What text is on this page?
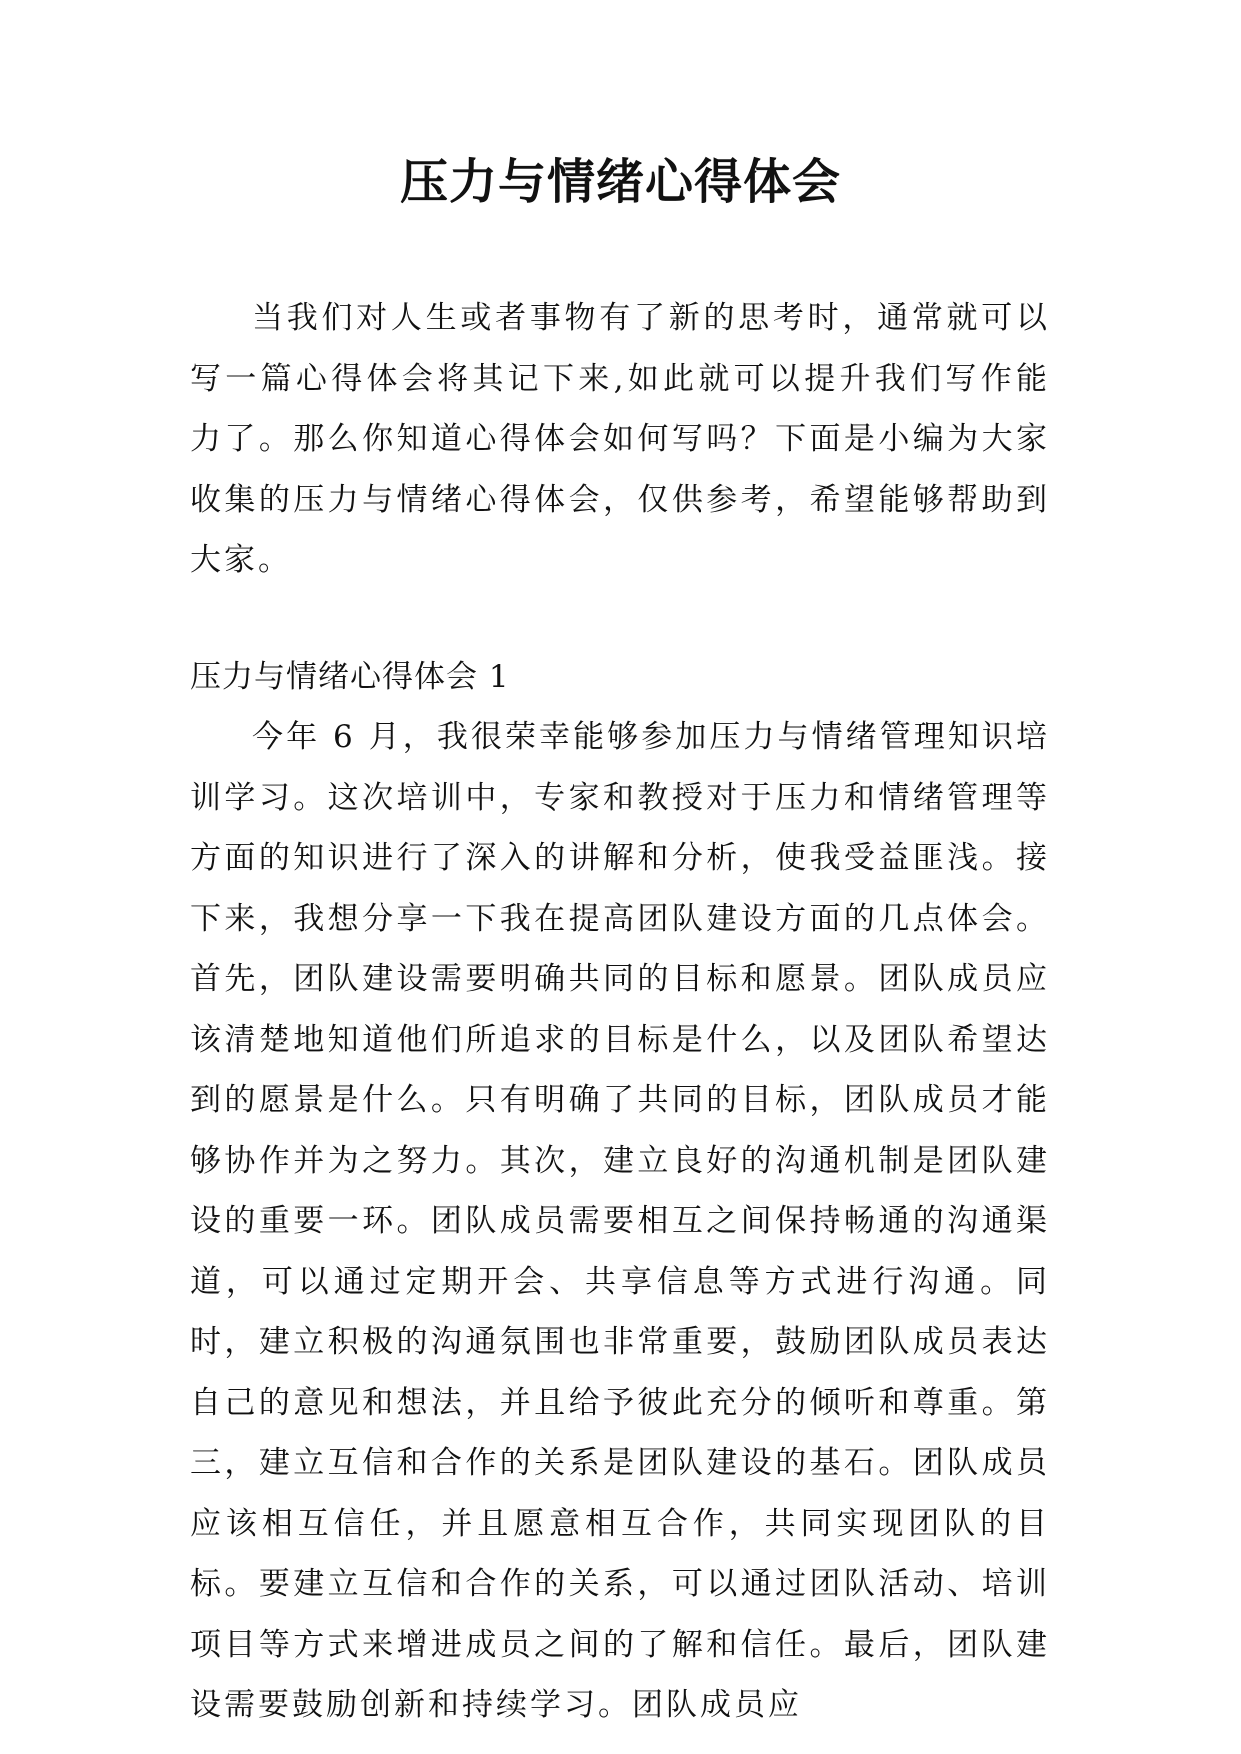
压力与情绪心得体会

当我们对人生或者事物有了新的思考时，通常就可以写一篇心得体会将其记下来,如此就可以提升我们写作能力了。那么你知道心得体会如何写吗？下面是小编为大家收集的压力与情绪心得体会，仅供参考，希望能够帮助到大家。

压力与情绪心得体会 1

今年 6 月，我很荣幸能够参加压力与情绪管理知识培训学习。这次培训中，专家和教授对于压力和情绪管理等方面的知识进行了深入的讲解和分析，使我受益匪浅。接下来，我想分享一下我在提高团队建设方面的几点体会。首先，团队建设需要明确共同的目标和愿景。团队成员应该清楚地知道他们所追求的目标是什么，以及团队希望达到的愿景是什么。只有明确了共同的目标，团队成员才能够协作并为之努力。其次，建立良好的沟通机制是团队建设的重要一环。团队成员需要相互之间保持畅通的沟通渠道，可以通过定期开会、共享信息等方式进行沟通。同时，建立积极的沟通氛围也非常重要，鼓励团队成员表达自己的意见和想法，并且给予彼此充分的倾听和尊重。第三，建立互信和合作的关系是团队建设的基石。团队成员应该相互信任，并且愿意相互合作，共同实现团队的目标。要建立互信和合作的关系，可以通过团队活动、培训项目等方式来增进成员之间的了解和信任。最后，团队建设需要鼓励创新和持续学习。团队成员应
